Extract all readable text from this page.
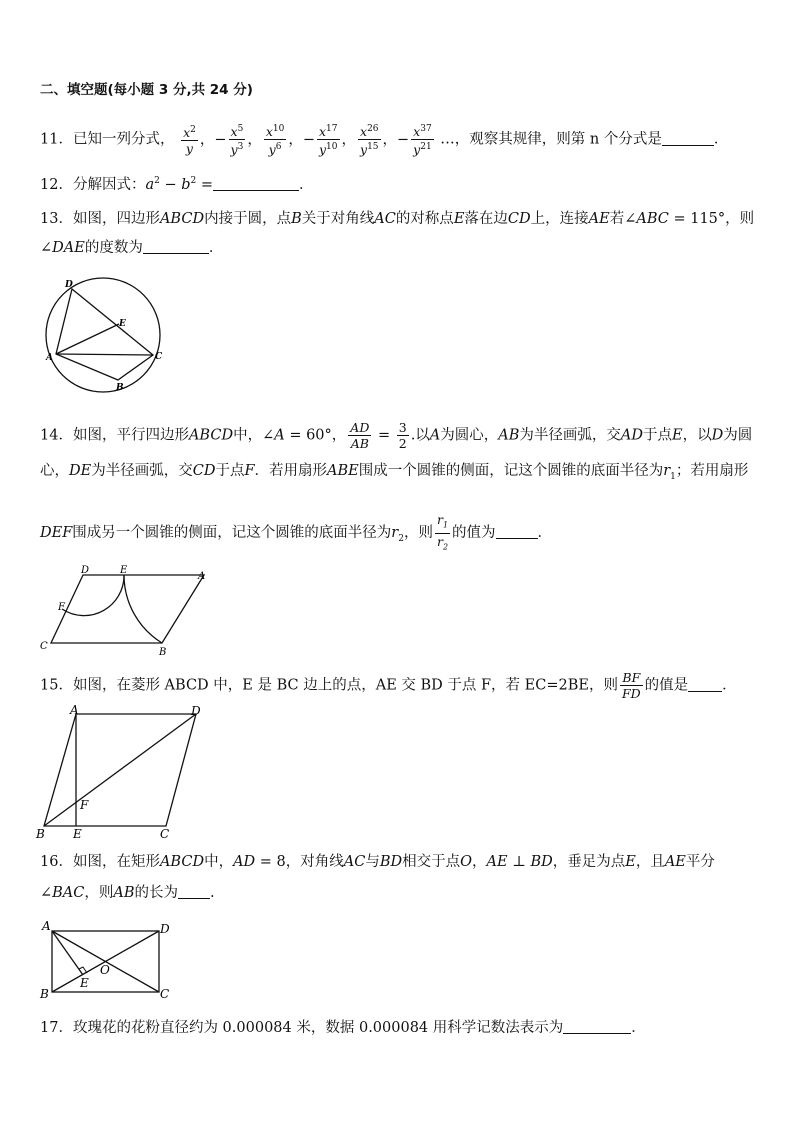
二、填空题(每小题 3 分,共 24 分)
11．已知一列分式， $\frac{x^2}{y}$ ，− $\frac{x^5}{y^3}$ ， $\frac{x^{10}}{y^6}$ ，− $\frac{x^{17}}{y^{10}}$ ， $\frac{x^{26}}{y^{15}}$ ，− $\frac{x^{37}}{y^{21}}$ …，观察其规律，则第 n 个分式是	．
12．分解因式：$a^2 - b^2$ =	．
13．如图，四边形ABCD内接于圆，点B关于对角线AC的对称点E落在边CD上，连接AE若∠ABC = 115°，则
∠DAE的度数为	．
D
A	C
B
E
14．如图，平行四边形ABCD中，∠A = 60°， $\frac{AD}{AB} = \frac{3}{2}$ .以A为圆心，AB为半径画弧，交AD于点E，以D为圆
心，DE为半径画弧，交CD于点F．若用扇形ABE围成一个圆锥的侧面，记这个圆锥的底面半径为$r_1$；若用扇形
DEF围成另一个圆锥的侧面，记这个圆锥的底面半径为$r_2$，则 $\frac{r_1}{r_2}$ 的值为	．
D	E
A
F
C
B
15．如图，在菱形 ABCD 中，E 是 BC 边上的点，AE 交 BD 于点 F，若 EC=2BE，则 $\frac{BF}{FD}$ 的值是 ．
A	D
F
B E	C
16．如图，在矩形ABCD中，AD = 8，对角线AC与BD相交于点O，AE ⊥ BD，垂足为点E，且AE平分
∠BAC，则AB的长为 .
A	D
B	C
E
O
17．玫瑰花的花粉直径约为 0.000084 米，数据 0.000084 用科学记数法表示为	．
